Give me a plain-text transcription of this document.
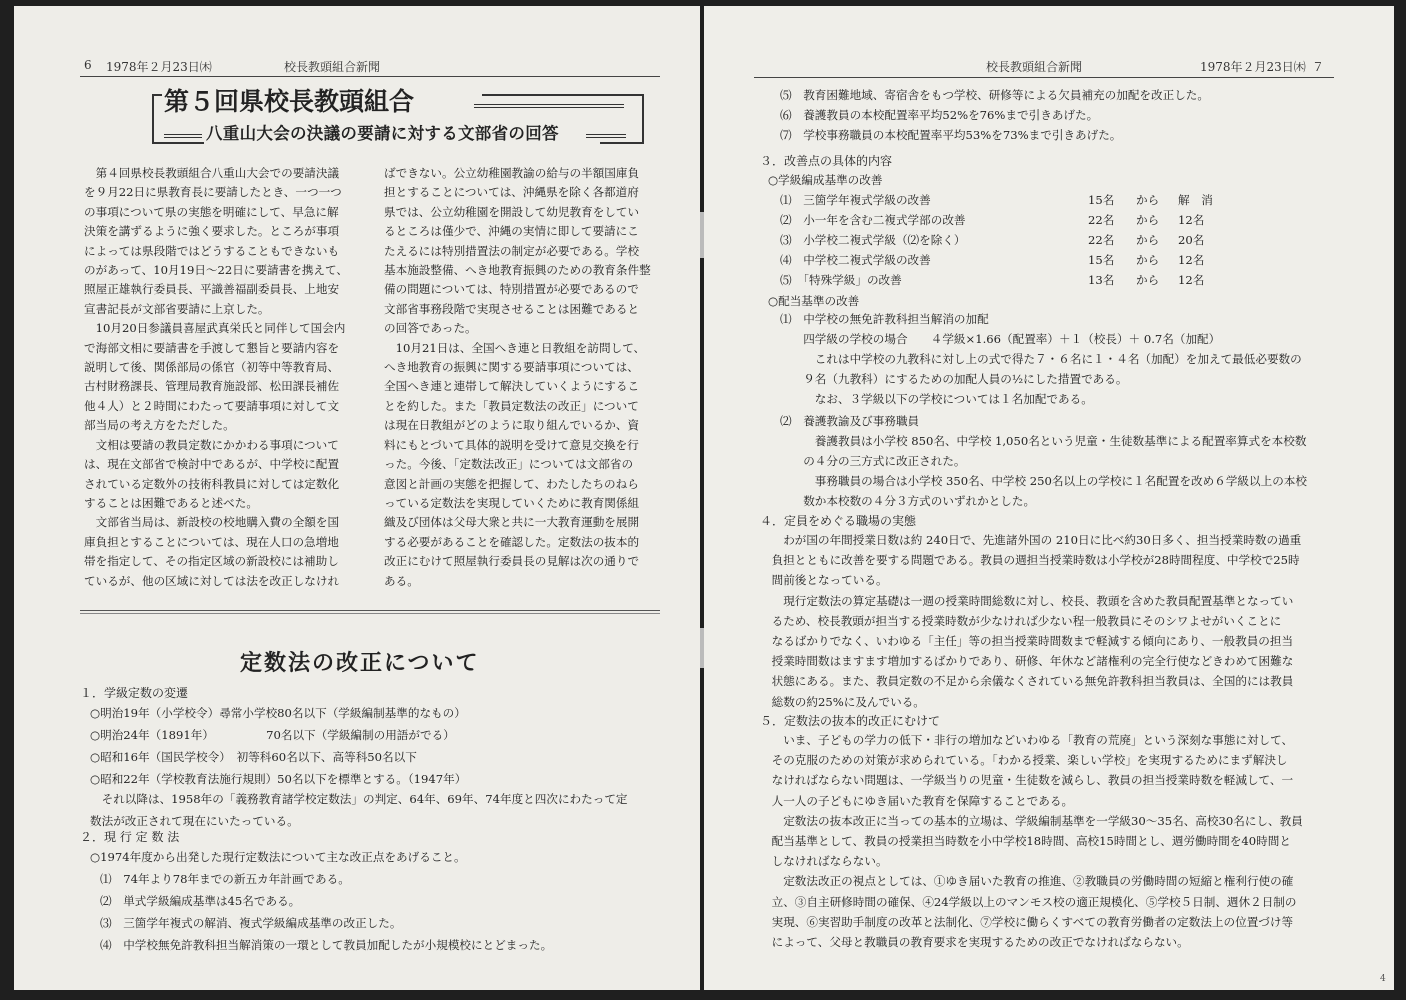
6 1978年２月23日㈭	校長教頭組合新聞
第５回県校長教頭組合
八重山大会の決議の要請に対する文部省の回答
　第４回県校長教頭組合八重山大会での要請決議
を９月22日に県教育長に要請したとき、一つ一つ
の事項について県の実態を明確にして、早急に解
決策を講ずるように強く要求した。ところが事項
によっては県段階ではどうすることもできないも
のがあって、10月19日～22日に要請書を携えて、
照屋正雄執行委員長、平識善福副委員長、上地安
宣書記長が文部省要請に上京した。
　10月20日参議員喜屋武真栄氏と同伴して国会内
で海部文相に要請書を手渡して懇旨と要請内容を
説明して後、関係部局の係官（初等中等教育局、
古村財務課長、管理局教育施設部、松田課長補佐
他４人）と２時間にわたって要請事項に対して文
部当局の考え方をただした。
　文相は要請の教員定数にかかわる事項について
は、現在文部省で検討中であるが、中学校に配置
されている定数外の技術科教員に対しては定数化
することは困難であると述べた。
　文部省当局は、新設校の校地購入費の全額を国
庫負担とすることについては、現在人口の急増地
帯を指定して、その指定区域の新設校には補助し
ているが、他の区域に対しては法を改正しなけれ
ばできない。公立幼稚園教諭の給与の半額国庫負
担とすることについては、沖縄県を除く各都道府
県では、公立幼稚園を開設して幼児教育をしてい
るところは僅少で、沖縄の実情に即して要請にこ
たえるには特別措置法の制定が必要である。学校
基本施設整備、へき地教育振興のための教育条件整
備の問題については、特別措置が必要であるので
文部省事務段階で実現させることは困難であると
の回答であった。
　10月21日は、全国へき連と日教組を訪問して、
へき地教育の振興に関する要請事項については、
全国へき連と連帯して解決していくようにするこ
とを約した。また「教員定数法の改正」について
は現在日教組がどのように取り組んでいるか、資
料にもとづいて具体的説明を受けて意見交換を行
った。今後、「定数法改正」については文部省の
意図と計画の実態を把握して、わたしたちのねら
っている定数法を実現していくために教育関係組
織及び団体は父母大衆と共に一大教育運動を展開
する必要があることを確認した。定数法の抜本的
改正にむけて照屋執行委員長の見解は次の通りで
ある。
定数法の改正について
１．学級定数の変遷
○明治19年（小学校令）尋常小学校80名以下（学級編制基準的なもの）
○明治24年（1891年）　　　　　70名以下（学級編制の用語がでる）
○昭和16年（国民学校令）　初等科60名以下、高等科50名以下
○昭和22年（学校教育法施行規則）50名以下を標準とする。（1947年）
　それ以降は、1958年の「義務教育諸学校定数法」の判定、64年、69年、74年度と四次にわたって定
数法が改正されて現在にいたっている。
２．現 行 定 数 法
○1974年度から出発した現行定数法について主な改正点をあげること。
⑴　74年より78年までの新五カ年計画である。
⑵　単式学級編成基準は45名である。
⑶　三箇学年複式の解消、複式学級編成基準の改正した。
⑷　中学校無免許教科担当解消策の一環として教員加配したが小規模校にとどまった。
校長教頭組合新聞	1978年２月23日㈭ ７
⑸　教育困難地域、寄宿舎をもつ学校、研修等による欠員補充の加配を改正した。
⑹　養護教員の本校配置率平均52%を76%まで引きあげた。
⑺　学校事務職員の本校配置率平均53%を73%まで引きあげた。
３．改善点の具体的内容
○学級編成基準の改善
⑴　三箇学年複式学級の改善	15名 から 解　消
⑵　小一年を含む二複式学部の改善	22名 から 12名
⑶　小学校二複式学級（⑵を除く）	22名 から 20名
⑷　中学校二複式学級の改善	15名 から 12名
⑸　「特殊学級」の改善	13名 から 12名
○配当基準の改善
⑴　中学校の無免許教科担当解消の加配
　　四学級の学校の場合　　４学級×1.66（配置率）＋１（校長）＋ 0.7名（加配）
　　　これは中学校の九教科に対し上の式で得た７・６名に１・４名（加配）を加えて最低必要数の
　　９名（九教科）にするための加配人員の½にした措置である。
　　　なお、３学級以下の学校については１名加配である。
⑵　養護教諭及び事務職員
　　　養護教員は小学校 850名、中学校 1,050名という児童・生徒数基準による配置率算式を本校数
　　の４分の三方式に改正された。
　　　事務職員の場合は小学校 350名、中学校 250名以上の学校に１名配置を改め６学級以上の本校
　　数か本校数の４分３方式のいずれかとした。
４．定員をめぐる職場の実態
　　わが国の年間授業日数は約 240日で、先進諸外国の 210日に比べ約30日多く、担当授業時数の過重
　負担とともに改善を要する問題である。教員の週担当授業時数は小学校が28時間程度、中学校で25時
　間前後となっている。
　　現行定数法の算定基礎は一週の授業時間総数に対し、校長、教頭を含めた教員配置基準となってい
　るため、校長教頭が担当する授業時数が少なければ少ない程一般教員にそのシワよせがいくことに
　なるばかりでなく、いわゆる「主任」等の担当授業時間数まで軽減する傾向にあり、一般教員の担当
　授業時間数はますます増加するばかりであり、研修、年休など諸権利の完全行使などきわめて困難な
　状態にある。また、教員定数の不足から余儀なくされている無免許教科担当教員は、全国的には教員
　総数の約25%に及んでいる。
５．定数法の抜本的改正にむけて
　　いま、子どもの学力の低下・非行の増加などいわゆる「教育の荒廃」という深刻な事態に対して、
　その克服のための対策が求められている。「わかる授業、楽しい学校」を実現するためにまず解決し
　なければならない問題は、一学級当りの児童・生徒数を減らし、教員の担当授業時数を軽減して、一
　人一人の子どもにゆき届いた教育を保障することである。
　　定数法の抜本改正に当っての基本的立場は、学級編制基準を一学級30～35名、高校30名にし、教員
　配当基準として、教員の授業担当時数を小中学校18時間、高校15時間とし、週労働時間を40時間と
　しなければならない。
　　定数法改正の視点としては、①ゆき届いた教育の推進、②教職員の労働時間の短縮と権利行使の確
　立、③自主研修時間の確保、④24学級以上のマンモス校の適正規模化、⑤学校５日制、週休２日制の
　実現、⑥実習助手制度の改革と法制化、⑦学校に働らくすべての教育労働者の定数法上の位置づけ等
　によって、父母と教職員の教育要求を実現するための改正でなければならない。
4
